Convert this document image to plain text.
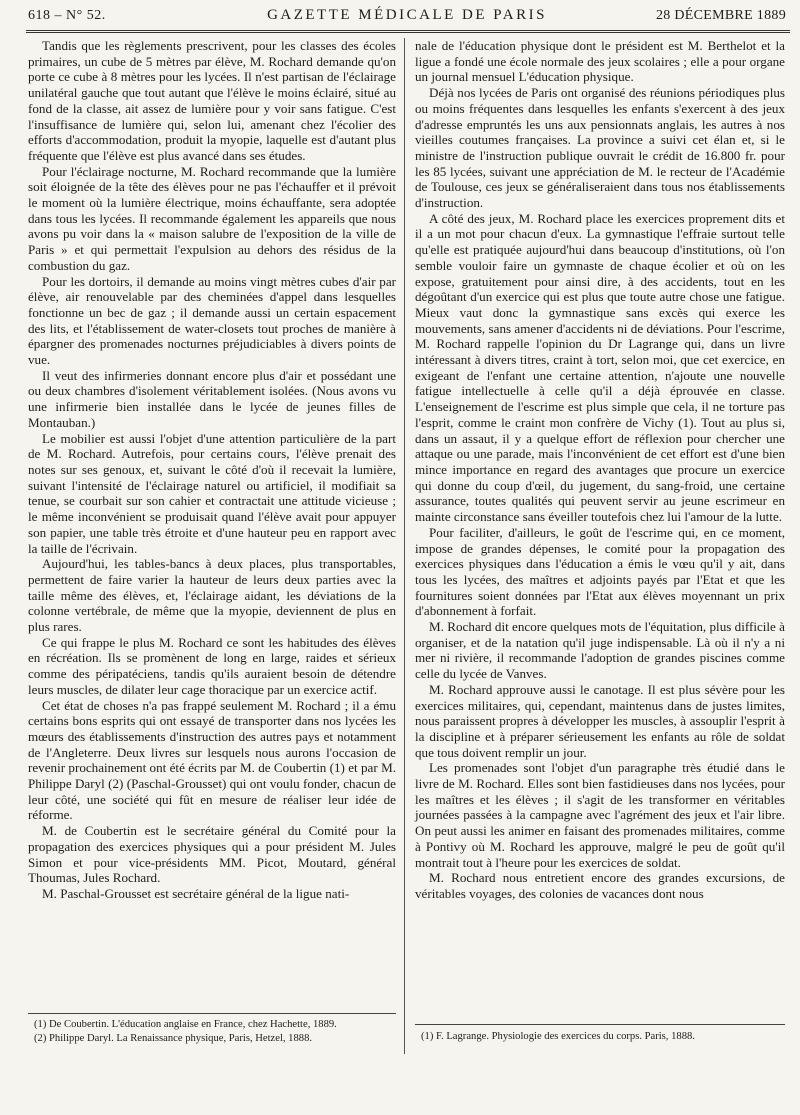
618 – N° 52.	GAZETTE MÉDICALE DE PARIS	28 DÉCEMBRE 1889

Tandis que les règlements prescrivent, pour les classes des écoles primaires, un cube de 5 mètres par élève, M. Rochard demande qu'on porte ce cube à 8 mètres pour les lycées. Il n'est partisan de l'éclairage unilatéral gauche que tout autant que l'élève le moins éclairé, situé au fond de la classe, ait assez de lumière pour y voir sans fatigue. C'est l'insuffisance de lumière qui, selon lui, amenant chez l'écolier des efforts d'accommodation, produit la myopie, laquelle est d'autant plus fréquente que l'élève est plus avancé dans ses études.

Pour l'éclairage nocturne, M. Rochard recommande que la lumière soit éloignée de la tête des élèves pour ne pas l'échauffer et il prévoit le moment où la lumière électrique, moins échauffante, sera adoptée dans tous les lycées. Il recommande également les appareils que nous avons pu voir dans la « maison salubre de l'exposition de la ville de Paris » et qui permettait l'expulsion au dehors des résidus de la combustion du gaz.

Pour les dortoirs, il demande au moins vingt mètres cubes d'air par élève, air renouvelable par des cheminées d'appel dans lesquelles fonctionne un bec de gaz ; il demande aussi un certain espacement des lits, et l'établissement de water-closets tout proches de manière à épargner des promenades nocturnes préjudiciables à divers points de vue.

Il veut des infirmeries donnant encore plus d'air et possédant une ou deux chambres d'isolement véritablement isolées. (Nous avons vu une infirmerie bien installée dans le lycée de jeunes filles de Montauban.)

Le mobilier est aussi l'objet d'une attention particulière de la part de M. Rochard. Autrefois, pour certains cours, l'élève prenait des notes sur ses genoux, et, suivant le côté d'où il recevait la lumière, suivant l'intensité de l'éclairage naturel ou artificiel, il modifiait sa tenue, se courbait sur son cahier et contractait une attitude vicieuse ; le même inconvénient se produisait quand l'élève avait pour appuyer son papier, une table très étroite et d'une hauteur peu en rapport avec la taille de l'écrivain.

Aujourd'hui, les tables-bancs à deux places, plus transportables, permettent de faire varier la hauteur de leurs deux parties avec la taille même des élèves, et, l'éclairage aidant, les déviations de la colonne vertébrale, de même que la myopie, deviennent de plus en plus rares.

Ce qui frappe le plus M. Rochard ce sont les habitudes des élèves en récréation. Ils se promènent de long en large, raides et sérieux comme des péripatéciens, tandis qu'ils auraient besoin de détendre leurs muscles, de dilater leur cage thoracique par un exercice actif.

Cet état de choses n'a pas frappé seulement M. Rochard ; il a ému certains bons esprits qui ont essayé de transporter dans nos lycées les mœurs des établissements d'instruction des autres pays et notamment de l'Angleterre. Deux livres sur lesquels nous aurons l'occasion de revenir prochainement ont été écrits par M. de Coubertin (1) et par M. Philippe Daryl (2) (Paschal-Grousset) qui ont voulu fonder, chacun de leur côté, une société qui fût en mesure de réaliser leur idée de réforme.

M. de Coubertin est le secrétaire général du Comité pour la propagation des exercices physiques qui a pour président M. Jules Simon et pour vice-présidents MM. Picot, Moutard, général Thoumas, Jules Rochard.

M. Paschal-Grousset est secrétaire général de la ligue nati-

nale de l'éducation physique dont le président est M. Berthelot et la ligue a fondé une école normale des jeux scolaires ; elle a pour organe un journal mensuel L'éducation physique.

Déjà nos lycées de Paris ont organisé des réunions périodiques plus ou moins fréquentes dans lesquelles les enfants s'exercent à des jeux d'adresse empruntés les uns aux pensionnats anglais, les autres à nos vieilles coutumes françaises. La province a suivi cet élan et, si le ministre de l'instruction publique ouvrait le crédit de 16.800 fr. pour les 85 lycées, suivant une appréciation de M. le recteur de l'Académie de Toulouse, ces jeux se généraliseraient dans tous nos établissements d'instruction.

A côté des jeux, M. Rochard place les exercices proprement dits et il a un mot pour chacun d'eux. La gymnastique l'effraie surtout telle qu'elle est pratiquée aujourd'hui dans beaucoup d'institutions, où l'on semble vouloir faire un gymnaste de chaque écolier et où on les expose, gratuitement pour ainsi dire, à des accidents, tout en les dégoûtant d'un exercice qui est plus que toute autre chose une fatigue. Mieux vaut donc la gymnastique sans excès qui exerce les mouvements, sans amener d'accidents ni de déviations. Pour l'escrime, M. Rochard rappelle l'opinion du Dr Lagrange qui, dans un livre intéressant à divers titres, craint à tort, selon moi, que cet exercice, en exigeant de l'enfant une certaine attention, n'ajoute une nouvelle fatigue intellectuelle à celle qu'il a déjà éprouvée en classe. L'enseignement de l'escrime est plus simple que cela, il ne torture pas l'esprit, comme le craint mon confrère de Vichy (1). Tout au plus si, dans un assaut, il y a quelque effort de réflexion pour chercher une attaque ou une parade, mais l'inconvénient de cet effort est d'une bien mince importance en regard des avantages que procure un exercice qui donne du coup d'œil, du jugement, du sang-froid, une certaine assurance, toutes qualités qui peuvent servir au jeune escrimeur en mainte circonstance sans éveiller toutefois chez lui l'amour de la lutte.

Pour faciliter, d'ailleurs, le goût de l'escrime qui, en ce moment, impose de grandes dépenses, le comité pour la propagation des exercices physiques dans l'éducation a émis le vœu qu'il y ait, dans tous les lycées, des maîtres et adjoints payés par l'Etat et que les fournitures soient données par l'Etat aux élèves moyennant un prix d'abonnement à forfait.

M. Rochard dit encore quelques mots de l'équitation, plus difficile à organiser, et de la natation qu'il juge indispensable. Là où il n'y a ni mer ni rivière, il recommande l'adoption de grandes piscines comme celle du lycée de Vanves.

M. Rochard approuve aussi le canotage. Il est plus sévère pour les exercices militaires, qui, cependant, maintenus dans de justes limites, nous paraissent propres à développer les muscles, à assouplir l'esprit à la discipline et à préparer sérieusement les enfants au rôle de soldat que tous doivent remplir un jour.

Les promenades sont l'objet d'un paragraphe très étudié dans le livre de M. Rochard. Elles sont bien fastidieuses dans nos lycées, pour les maîtres et les élèves ; il s'agit de les transformer en véritables journées passées à la campagne avec l'agrément des jeux et l'air libre. On peut aussi les animer en faisant des promenades militaires, comme à Pontivy où M. Rochard les approuve, malgré le peu de goût qu'il montrait tout à l'heure pour les exercices de soldat.

M. Rochard nous entretient encore des grandes excursions, de véritables voyages, des colonies de vacances dont nous

(1) De Coubertin. L'éducation anglaise en France, chez Hachette, 1889.
(2) Philippe Daryl. La Renaissance physique, Paris, Hetzel, 1888.	(1) F. Lagrange. Physiologie des exercices du corps. Paris, 1888.
